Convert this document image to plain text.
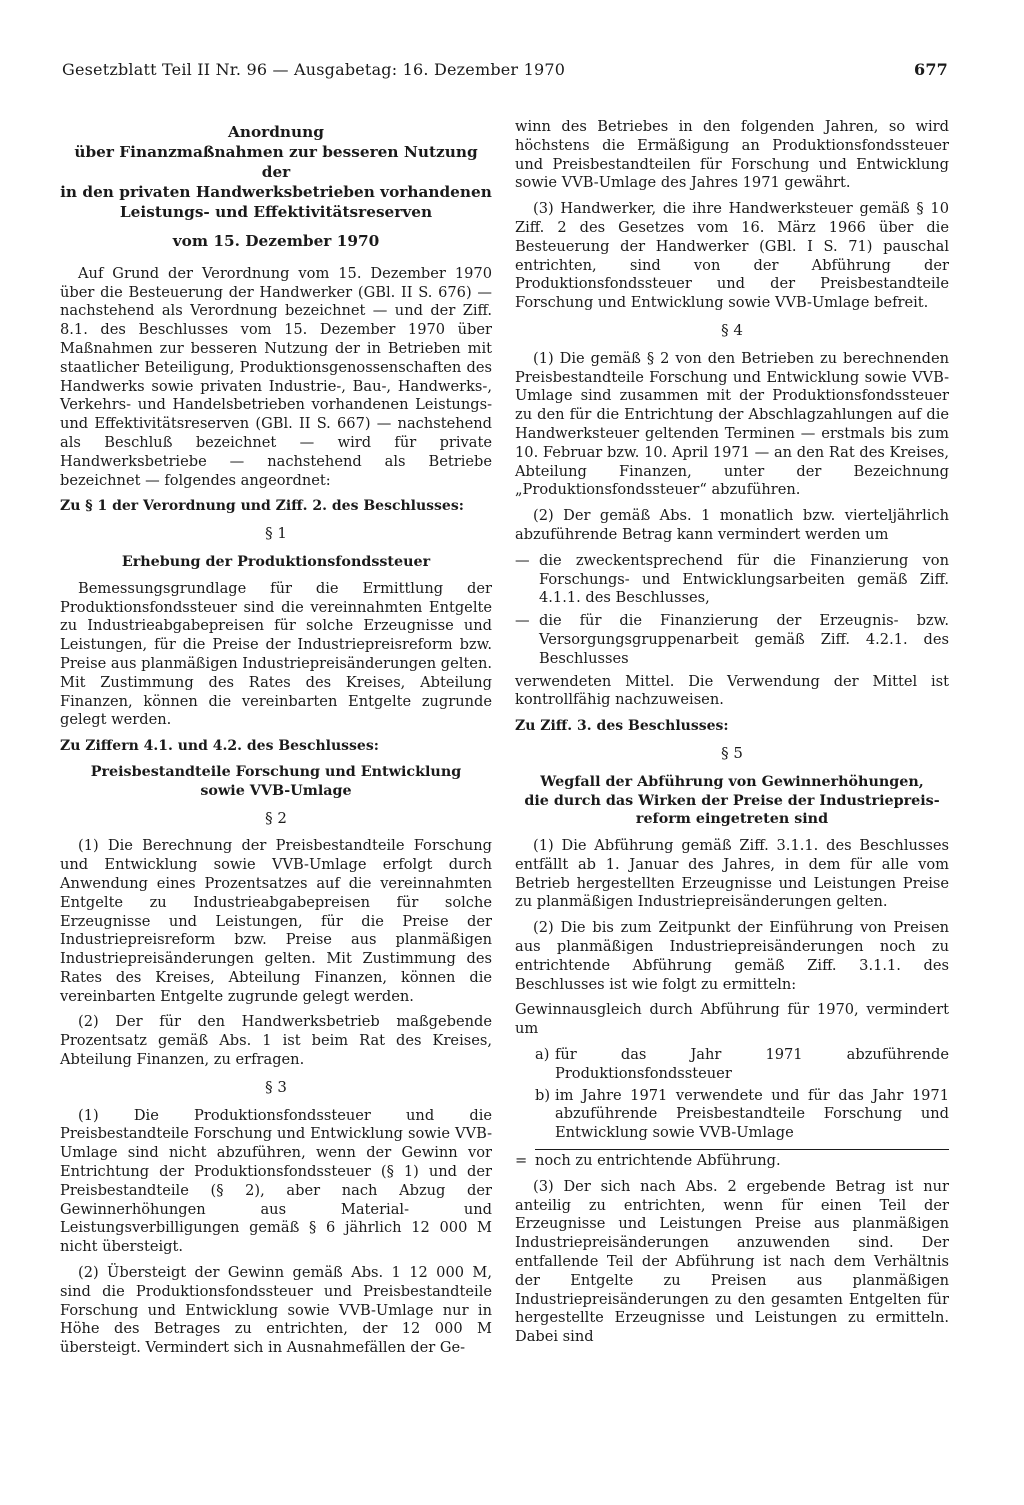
Gesetzblatt Teil II Nr. 96 — Ausgabetag: 16. Dezember 1970	677
Anordnung
über Finanzmaßnahmen zur besseren Nutzung der
in den privaten Handwerksbetrieben vorhandenen
Leistungs- und Effektivitätsreserven
vom 15. Dezember 1970

Auf Grund der Verordnung vom 15. Dezember 1970 über die Besteuerung der Handwerker (GBl. II S. 676) — nachstehend als Verordnung bezeichnet — und der Ziff. 8.1. des Beschlusses vom 15. Dezember 1970 über Maßnahmen zur besseren Nutzung der in Betrieben mit staatlicher Beteiligung, Produktionsgenossenschaften des Handwerks sowie privaten Industrie-, Bau-, Handwerks-, Verkehrs- und Handelsbetrieben vorhandenen Leistungs- und Effektivitätsreserven (GBl. II S. 667) — nachstehend als Beschluß bezeichnet — wird für private Handwerksbetriebe — nachstehend als Betriebe bezeichnet — folgendes angeordnet:

Zu § 1 der Verordnung und Ziff. 2. des Beschlusses:

§ 1
Erhebung der Produktionsfondssteuer

Bemessungsgrundlage für die Ermittlung der Produktionsfondssteuer sind die vereinnahmten Entgelte zu Industrieabgabepreisen für solche Erzeugnisse und Leistungen, für die Preise der Industriepreisreform bzw. Preise aus planmäßigen Industriepreisänderungen gelten. Mit Zustimmung des Rates des Kreises, Abteilung Finanzen, können die vereinbarten Entgelte zugrunde gelegt werden.

Zu Ziffern 4.1. und 4.2. des Beschlusses:

Preisbestandteile Forschung und Entwicklung
sowie VVB-Umlage
§ 2

(1) Die Berechnung der Preisbestandteile Forschung und Entwicklung sowie VVB-Umlage erfolgt durch Anwendung eines Prozentsatzes auf die vereinnahmten Entgelte zu Industrieabgabepreisen für solche Erzeugnisse und Leistungen, für die Preise der Industriepreisreform bzw. Preise aus planmäßigen Industriepreisänderungen gelten. Mit Zustimmung des Rates des Kreises, Abteilung Finanzen, können die vereinbarten Entgelte zugrunde gelegt werden.

(2) Der für den Handwerksbetrieb maßgebende Prozentsatz gemäß Abs. 1 ist beim Rat des Kreises, Abteilung Finanzen, zu erfragen.

§ 3

(1) Die Produktionsfondssteuer und die Preisbestandteile Forschung und Entwicklung sowie VVB-Umlage sind nicht abzuführen, wenn der Gewinn vor Entrichtung der Produktionsfondssteuer (§ 1) und der Preisbestandteile (§ 2), aber nach Abzug der Gewinnerhöhungen aus Material- und Leistungsverbilligungen gemäß § 6 jährlich 12 000 M nicht übersteigt.

(2) Übersteigt der Gewinn gemäß Abs. 1 12 000 M, sind die Produktionsfondssteuer und Preisbestandteile Forschung und Entwicklung sowie VVB-Umlage nur in Höhe des Betrages zu entrichten, der 12 000 M übersteigt. Vermindert sich in Ausnahmefällen der Ge-

winn des Betriebes in den folgenden Jahren, so wird höchstens die Ermäßigung an Produktionsfondssteuer und Preisbestandteilen für Forschung und Entwicklung sowie VVB-Umlage des Jahres 1971 gewährt.

(3) Handwerker, die ihre Handwerksteuer gemäß § 10 Ziff. 2 des Gesetzes vom 16. März 1966 über die Besteuerung der Handwerker (GBl. I S. 71) pauschal entrichten, sind von der Abführung der Produktionsfondssteuer und der Preisbestandteile Forschung und Entwicklung sowie VVB-Umlage befreit.

§ 4

(1) Die gemäß § 2 von den Betrieben zu berechnenden Preisbestandteile Forschung und Entwicklung sowie VVB-Umlage sind zusammen mit der Produktionsfondssteuer zu den für die Entrichtung der Abschlagzahlungen auf die Handwerksteuer geltenden Terminen — erstmals bis zum 10. Februar bzw. 10. April 1971 — an den Rat des Kreises, Abteilung Finanzen, unter der Bezeichnung „Produktionsfondssteuer“ abzuführen.

(2) Der gemäß Abs. 1 monatlich bzw. vierteljährlich abzuführende Betrag kann vermindert werden um

— die zweckentsprechend für die Finanzierung von Forschungs- und Entwicklungsarbeiten gemäß Ziff. 4.1.1. des Beschlusses,
— die für die Finanzierung der Erzeugnis- bzw. Versorgungsgruppenarbeit gemäß Ziff. 4.2.1. des Beschlusses

verwendeten Mittel. Die Verwendung der Mittel ist kontrollfähig nachzuweisen.

Zu Ziff. 3. des Beschlusses:

§ 5
Wegfall der Abführung von Gewinnerhöhungen,
die durch das Wirken der Preise der Industriepreis-
reform eingetreten sind

(1) Die Abführung gemäß Ziff. 3.1.1. des Beschlusses entfällt ab 1. Januar des Jahres, in dem für alle vom Betrieb hergestellten Erzeugnisse und Leistungen Preise zu planmäßigen Industriepreisänderungen gelten.

(2) Die bis zum Zeitpunkt der Einführung von Preisen aus planmäßigen Industriepreisänderungen noch zu entrichtende Abführung gemäß Ziff. 3.1.1. des Beschlusses ist wie folgt zu ermitteln:

Gewinnausgleich durch Abführung für 1970, vermindert um

a) für das Jahr 1971 abzuführende Produktionsfondssteuer
b) im Jahre 1971 verwendete und für das Jahr 1971 abzuführende Preisbestandteile Forschung und Entwicklung sowie VVB-Umlage
= noch zu entrichtende Abführung.

(3) Der sich nach Abs. 2 ergebende Betrag ist nur anteilig zu entrichten, wenn für einen Teil der Erzeugnisse und Leistungen Preise aus planmäßigen Industriepreisänderungen anzuwenden sind. Der entfallende Teil der Abführung ist nach dem Verhältnis der Entgelte zu Preisen aus planmäßigen Industriepreisänderungen zu den gesamten Entgelten für hergestellte Erzeugnisse und Leistungen zu ermitteln. Dabei sind
